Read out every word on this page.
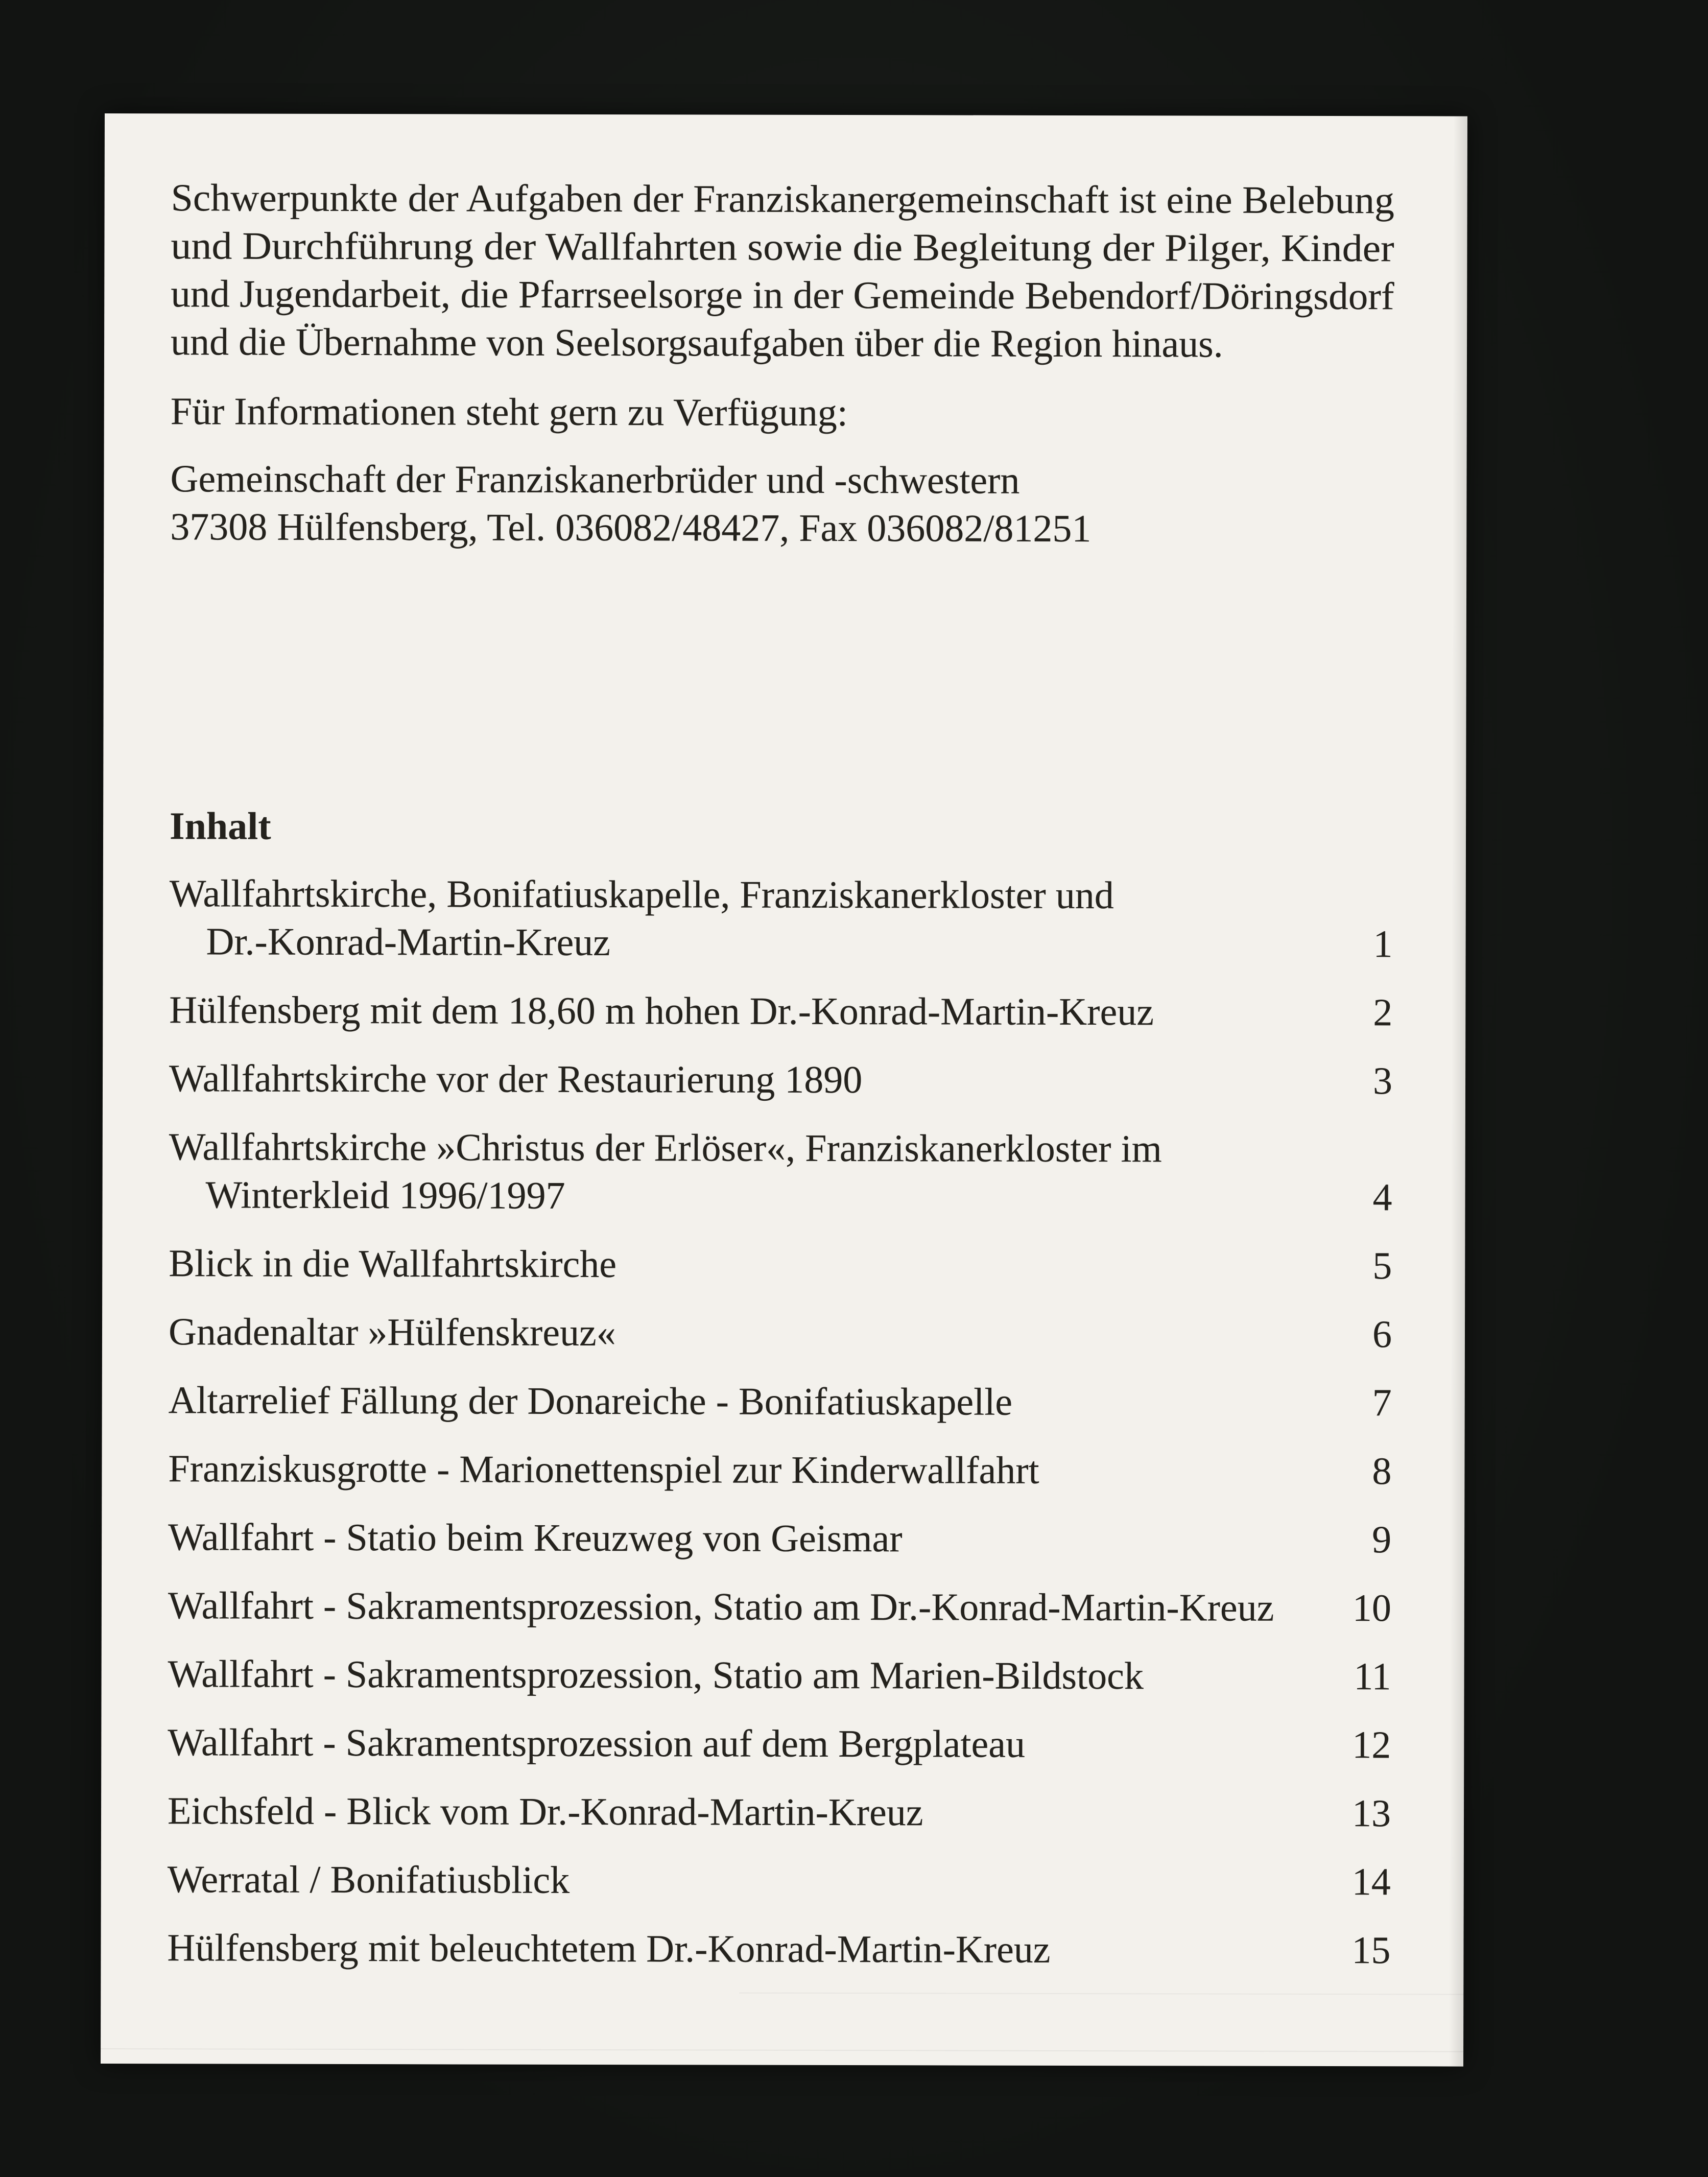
Schwerpunkte der Aufgaben der Franziskanergemeinschaft ist eine Belebung
und Durchführung der Wallfahrten sowie die Begleitung der Pilger, Kinder
und Jugendarbeit, die Pfarrseelsorge in der Gemeinde Bebendorf/Döringsdorf
und die Übernahme von Seelsorgsaufgaben über die Region hinaus.
Für Informationen steht gern zu Verfügung:
Gemeinschaft der Franziskanerbrüder und -schwestern
37308 Hülfensberg, Tel. 036082/48427, Fax 036082/81251
Inhalt
Wallfahrtskirche, Bonifatiuskapelle, Franziskanerkloster und
Dr.-Konrad-Martin-Kreuz	1
Hülfensberg mit dem 18,60 m hohen Dr.-Konrad-Martin-Kreuz	2
Wallfahrtskirche vor der Restaurierung 1890	3
Wallfahrtskirche »Christus der Erlöser«, Franziskanerkloster im
Winterkleid 1996/1997	4
Blick in die Wallfahrtskirche	5
Gnadenaltar »Hülfenskreuz«	6
Altarrelief Fällung der Donareiche - Bonifatiuskapelle	7
Franziskusgrotte - Marionettenspiel zur Kinderwallfahrt	8
Wallfahrt - Statio beim Kreuzweg von Geismar	9
Wallfahrt - Sakramentsprozession, Statio am Dr.-Konrad-Martin-Kreuz	10
Wallfahrt - Sakramentsprozession, Statio am Marien-Bildstock	11
Wallfahrt - Sakramentsprozession auf dem Bergplateau	12
Eichsfeld - Blick vom Dr.-Konrad-Martin-Kreuz	13
Werratal / Bonifatiusblick	14
Hülfensberg mit beleuchtetem Dr.-Konrad-Martin-Kreuz	15
